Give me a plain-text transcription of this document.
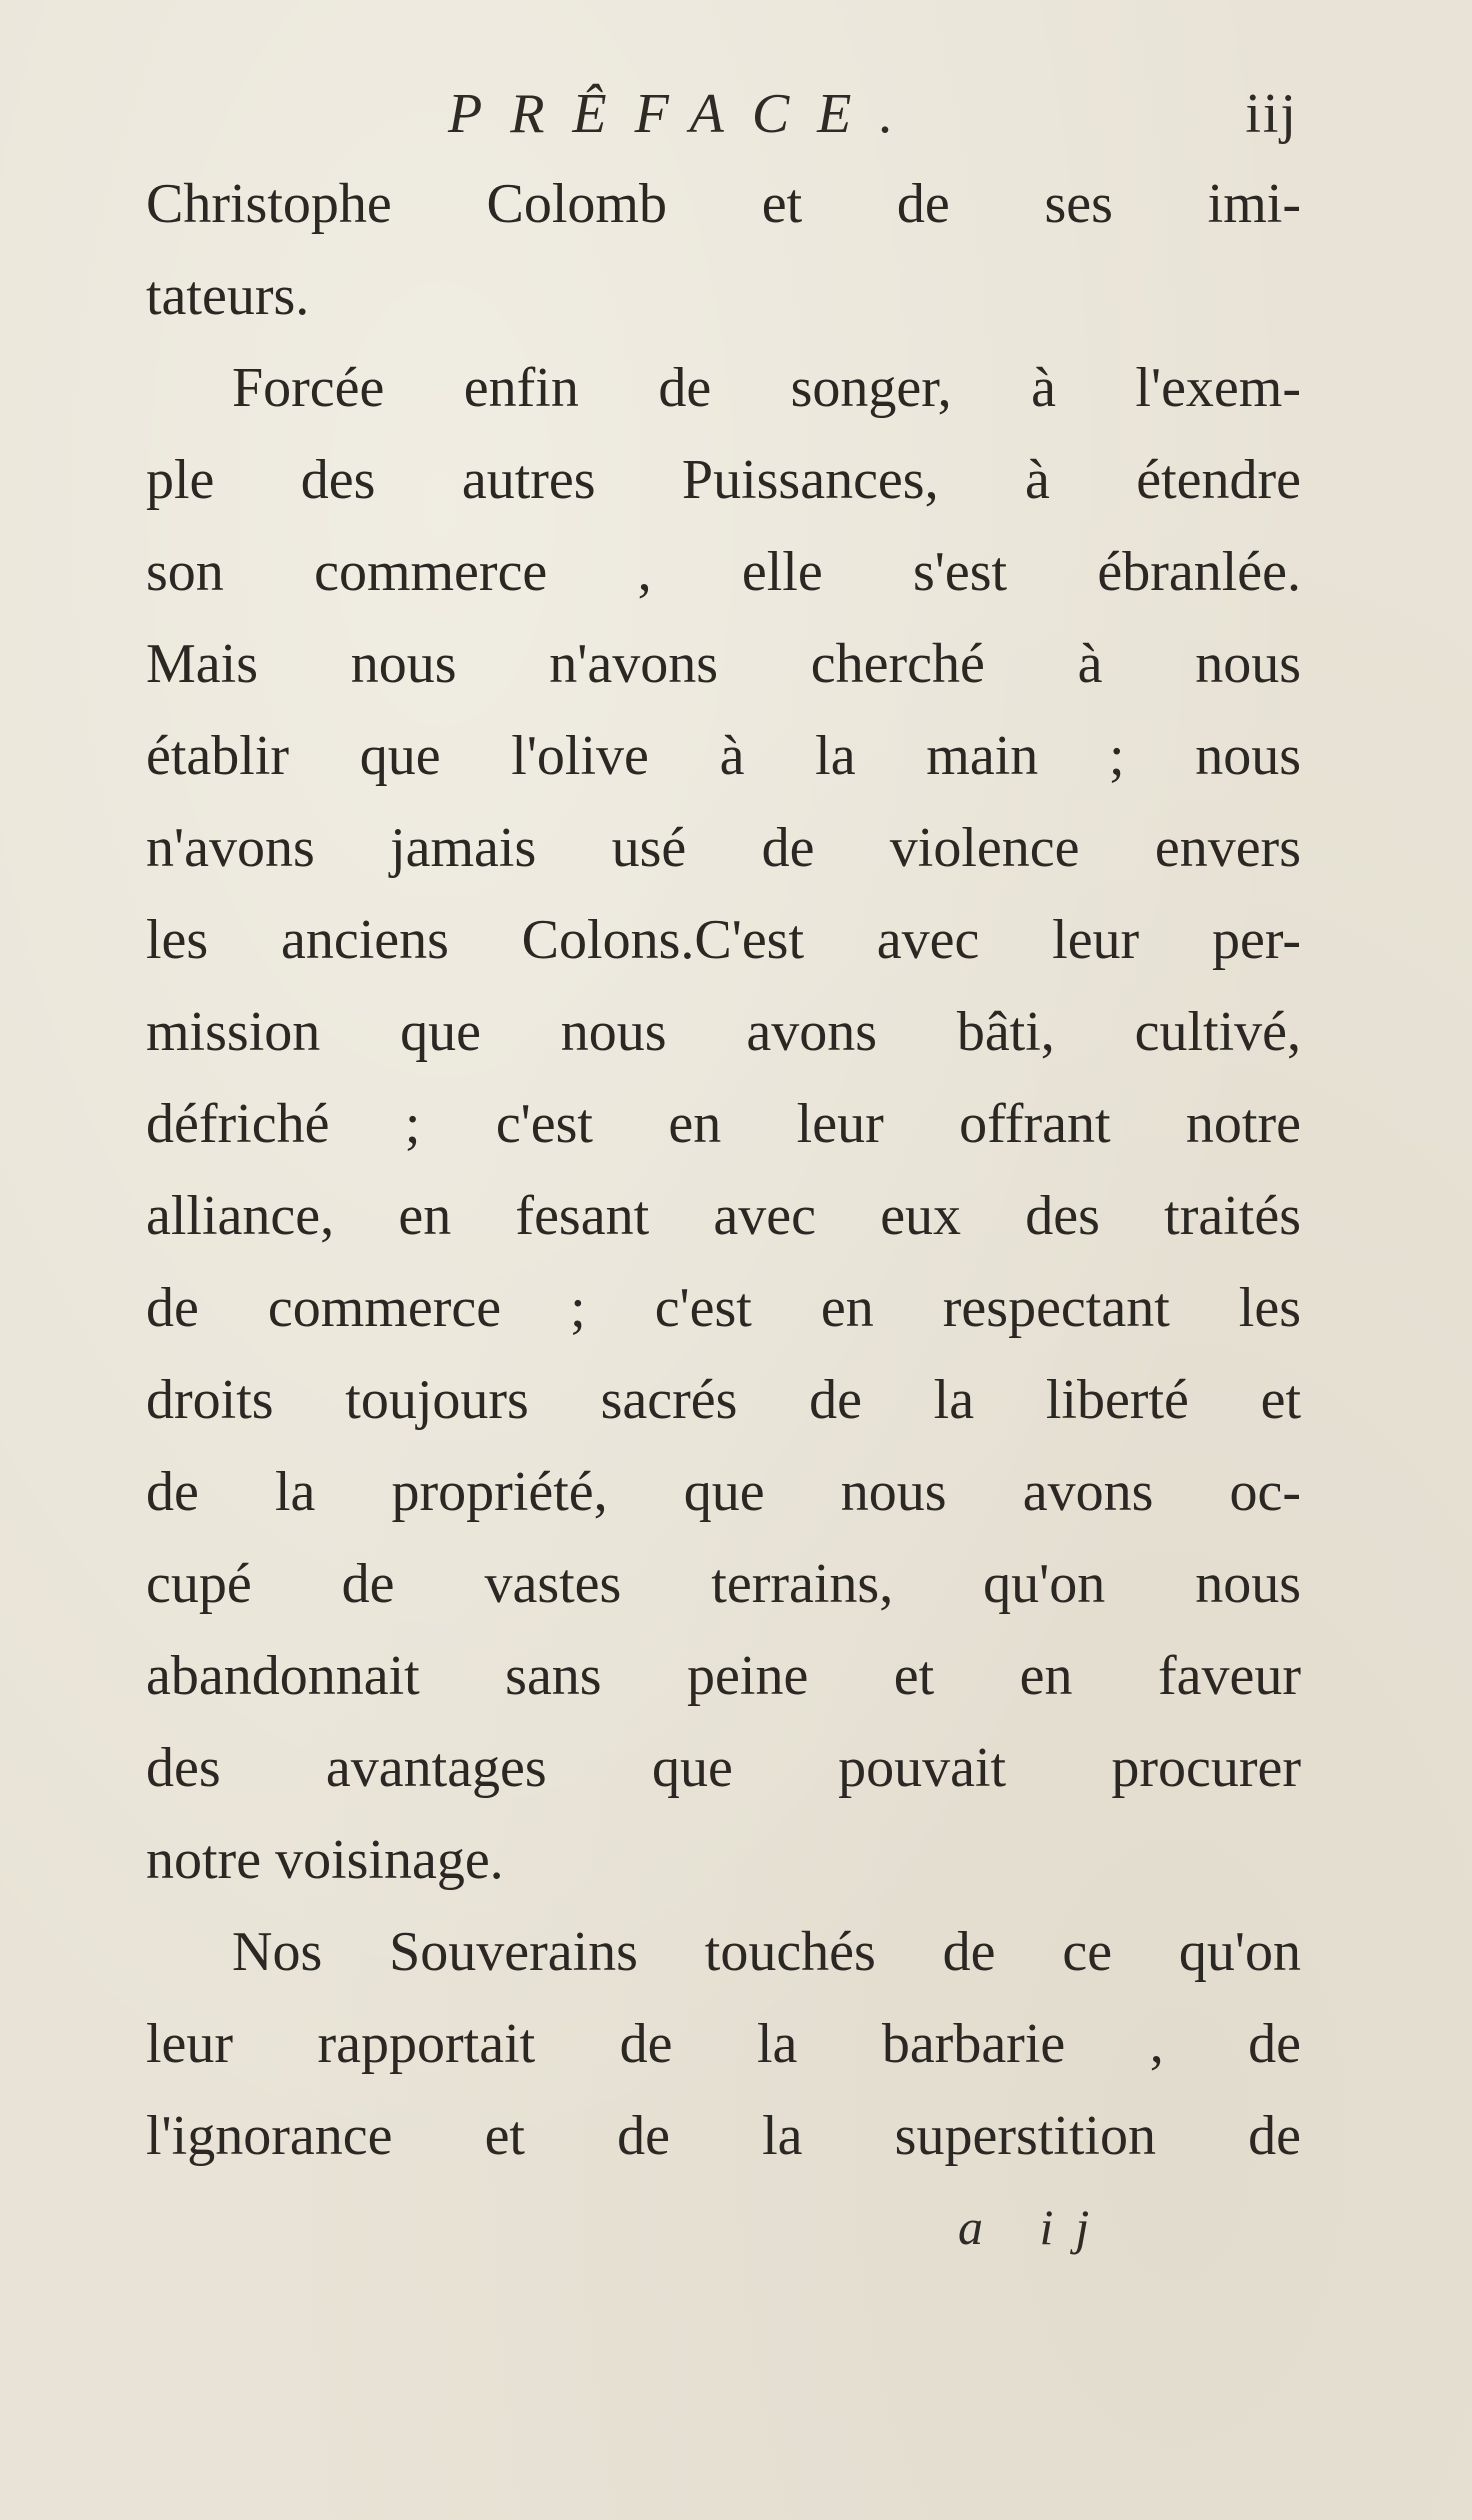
PRÊFACE.	iij
Christophe Colomb et de ses imi-
tateurs.
Forcée enfin de songer, à l'exem-
ple des autres Puissances, à étendre
son commerce , elle s'est ébranlée.
Mais nous n'avons cherché à nous
établir que l'olive à la main ; nous
n'avons jamais usé de violence envers
les anciens Colons.C'est avec leur per-
mission que nous avons bâti, cultivé,
défriché ; c'est en leur offrant notre
alliance, en fesant avec eux des traités
de commerce ; c'est en respectant les
droits toujours sacrés de la liberté et
de la propriété, que nous avons oc-
cupé de vastes terrains, qu'on nous
abandonnait sans peine et en faveur
des avantages que pouvait procurer
notre voisinage.
Nos Souverains touchés de ce qu'on
leur rapportait de la barbarie , de
l'ignorance et de la superstition de
a ij
